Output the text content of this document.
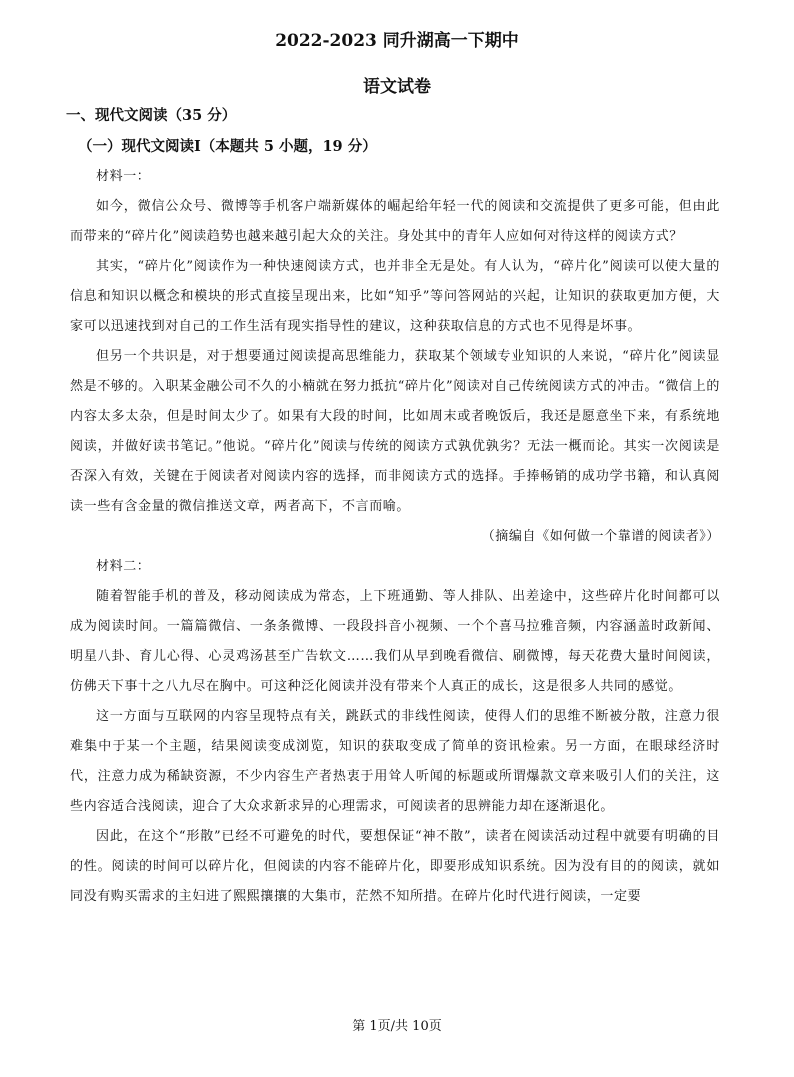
2022-2023 同升湖高一下期中
语文试卷
一、现代文阅读（35 分）
（一）现代文阅读Ⅰ（本题共 5 小题，19 分）

材料一：

如今，微信公众号、微博等手机客户端新媒体的崛起给年轻一代的阅读和交流提供了更多可能，但由此而带来的“碎片化”阅读趋势也越来越引起大众的关注。身处其中的青年人应如何对待这样的阅读方式？

其实，“碎片化”阅读作为一种快速阅读方式，也并非全无是处。有人认为，“碎片化”阅读可以使大量的信息和知识以概念和模块的形式直接呈现出来，比如“知乎”等问答网站的兴起，让知识的获取更加方便，大家可以迅速找到对自己的工作生活有现实指导性的建议，这种获取信息的方式也不见得是坏事。

但另一个共识是，对于想要通过阅读提高思维能力，获取某个领域专业知识的人来说，“碎片化”阅读显然是不够的。入职某金融公司不久的小楠就在努力抵抗“碎片化”阅读对自己传统阅读方式的冲击。“微信上的内容太多太杂，但是时间太少了。如果有大段的时间，比如周末或者晚饭后，我还是愿意坐下来，有系统地阅读，并做好读书笔记。”他说。“碎片化”阅读与传统的阅读方式孰优孰劣？无法一概而论。其实一次阅读是否深入有效，关键在于阅读者对阅读内容的选择，而非阅读方式的选择。手捧畅销的成功学书籍，和认真阅读一些有含金量的微信推送文章，两者高下，不言而喻。

（摘编自《如何做一个靠谱的阅读者》）

材料二：

随着智能手机的普及，移动阅读成为常态，上下班通勤、等人排队、出差途中，这些碎片化时间都可以成为阅读时间。一篇篇微信、一条条微博、一段段抖音小视频、一个个喜马拉雅音频，内容涵盖时政新闻、明星八卦、育儿心得、心灵鸡汤甚至广告软文……我们从早到晚看微信、刷微博，每天花费大量时间阅读，仿佛天下事十之八九尽在胸中。可这种泛化阅读并没有带来个人真正的成长，这是很多人共同的感觉。

这一方面与互联网的内容呈现特点有关，跳跃式的非线性阅读，使得人们的思维不断被分散，注意力很难集中于某一个主题，结果阅读变成浏览，知识的获取变成了简单的资讯检索。另一方面，在眼球经济时代，注意力成为稀缺资源，不少内容生产者热衷于用耸人听闻的标题或所谓爆款文章来吸引人们的关注，这些内容适合浅阅读，迎合了大众求新求异的心理需求，可阅读者的思辨能力却在逐渐退化。

因此，在这个“形散”已经不可避免的时代，要想保证“神不散”，读者在阅读活动过程中就要有明确的目的性。阅读的时间可以碎片化，但阅读的内容不能碎片化，即要形成知识系统。因为没有目的的阅读，就如同没有购买需求的主妇进了熙熙攘攘的大集市，茫然不知所措。在碎片化时代进行阅读，一定要

第 1页/共 10页
